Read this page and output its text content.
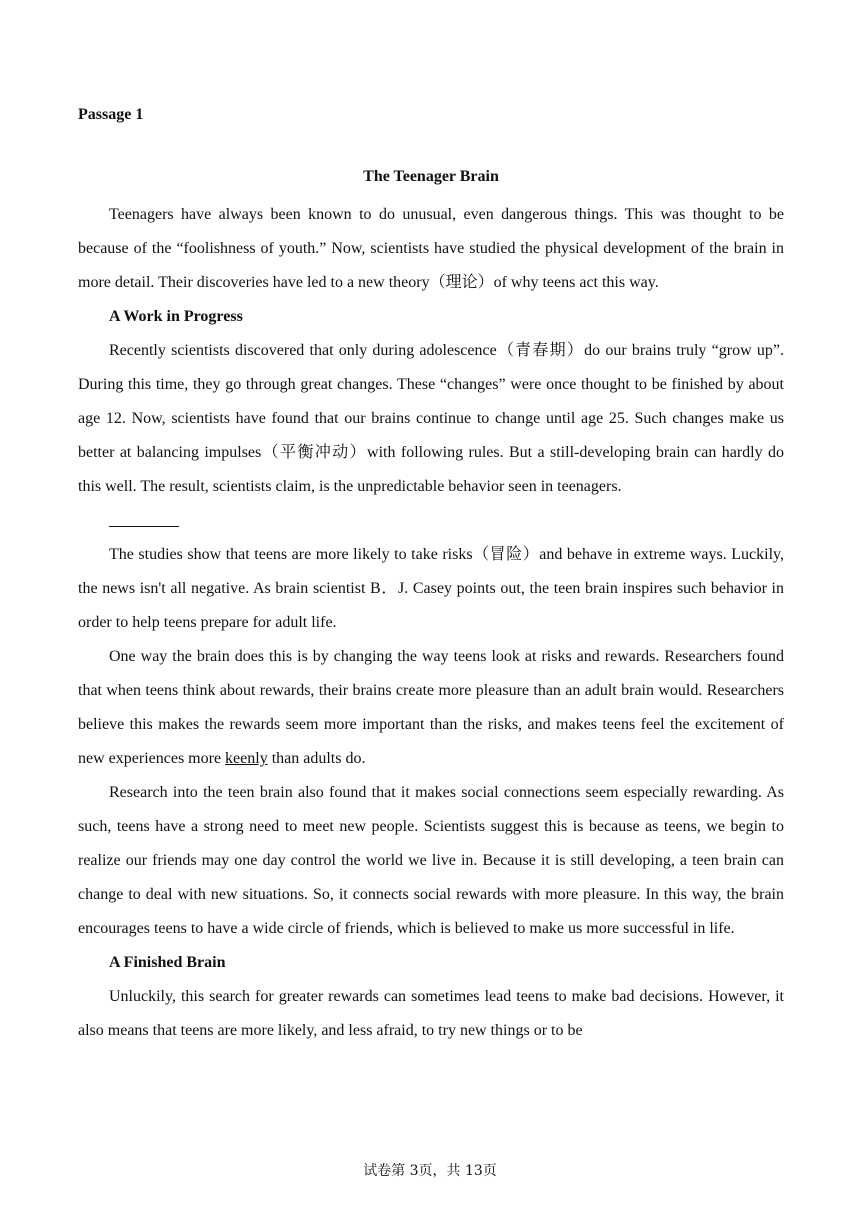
Passage 1

The Teenager Brain

Teenagers have always been known to do unusual, even dangerous things. This was thought to be because of the “foolishness of youth.” Now, scientists have studied the physical development of the brain in more detail. Their discoveries have led to a new theory（理论）of why teens act this way.

A Work in Progress

Recently scientists discovered that only during adolescence（青春期）do our brains truly “grow up”. During this time, they go through great changes. These “changes” were once thought to be finished by about age 12. Now, scientists have found that our brains continue to change until age 25. Such changes make us better at balancing impulses（平衡冲动）with following rules. But a still-developing brain can hardly do this well. The result, scientists claim, is the unpredictable behavior seen in teenagers.

The studies show that teens are more likely to take risks（冒险）and behave in extreme ways. Luckily, the news isn't all negative. As brain scientist B．J. Casey points out, the teen brain inspires such behavior in order to help teens prepare for adult life.

One way the brain does this is by changing the way teens look at risks and rewards. Researchers found that when teens think about rewards, their brains create more pleasure than an adult brain would. Researchers believe this makes the rewards seem more important than the risks, and makes teens feel the excitement of new experiences more keenly than adults do.

Research into the teen brain also found that it makes social connections seem especially rewarding. As such, teens have a strong need to meet new people. Scientists suggest this is because as teens, we begin to realize our friends may one day control the world we live in. Because it is still developing, a teen brain can change to deal with new situations. So, it connects social rewards with more pleasure. In this way, the brain encourages teens to have a wide circle of friends, which is believed to make us more successful in life.

A Finished Brain

Unluckily, this search for greater rewards can sometimes lead teens to make bad decisions. However, it also means that teens are more likely, and less afraid, to try new things or to be

试卷第 3页，共 13页
